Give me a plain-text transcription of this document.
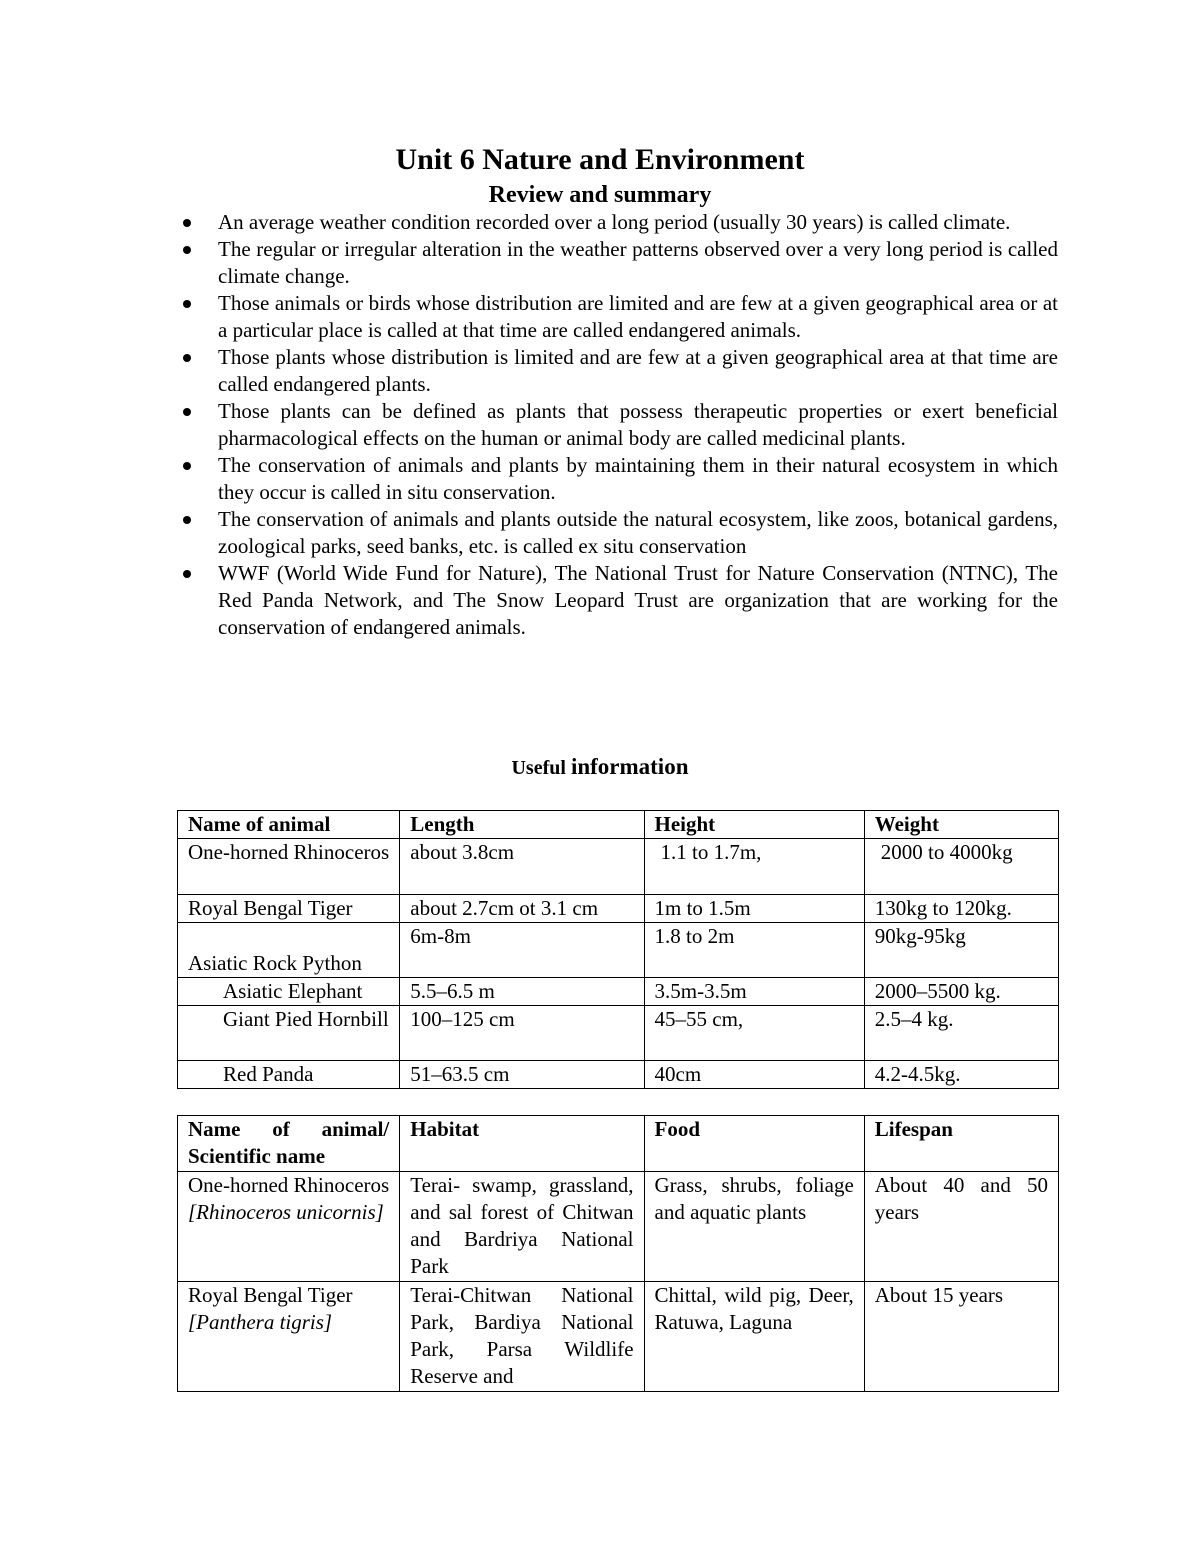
Unit 6 Nature and Environment
Review and summary
An average weather condition recorded over a long period (usually 30 years) is called climate.
The regular or irregular alteration in the weather patterns observed over a very long period is called climate change.
Those animals or birds whose distribution are limited and are few at a given geographical area or at a particular place is called at that time are called endangered animals.
Those plants whose distribution is limited and are few at a given geographical area at that time are called endangered plants.
Those plants can be defined as plants that possess therapeutic properties or exert beneficial pharmacological effects on the human or animal body are called medicinal plants.
The conservation of animals and plants by maintaining them in their natural ecosystem in which they occur is called in situ conservation.
The conservation of animals and plants outside the natural ecosystem, like zoos, botanical gardens, zoological parks, seed banks, etc. is called ex situ conservation
WWF (World Wide Fund for Nature), The National Trust for Nature Conservation (NTNC), The Red Panda Network, and The Snow Leopard Trust are organization that are working for the conservation of endangered animals.
Useful information
Name of animal	Length	Height	Weight
One-horned Rhinoceros	about 3.8cm	1.1 to 1.7m,	2000 to 4000kg
Royal Bengal Tiger	about 2.7cm ot 3.1 cm	1m to 1.5m	130kg to 120kg.
Asiatic Rock Python	6m-8m	1.8 to 2m	90kg-95kg
Asiatic Elephant	5.5–6.5 m	3.5m-3.5m	2000–5500 kg.
Giant Pied Hornbill	100–125 cm	45–55 cm,	2.5–4 kg.
Red Panda	51–63.5 cm	40cm	4.2-4.5kg.
Name of animal/ Scientific name	Habitat	Food	Lifespan

One-horned Rhinoceros
[Rhinoceros unicornis]	Terai- swamp, grassland, and sal forest of Chitwan and Bardriya National Park	Grass, shrubs, foliage and aquatic plants	About 40 and 50 years

Royal Bengal Tiger
[Panthera tigris]	Terai-Chitwan National Park, Bardiya National Park, Parsa Wildlife Reserve and	Chittal, wild pig, Deer, Ratuwa, Laguna	About 15 years
